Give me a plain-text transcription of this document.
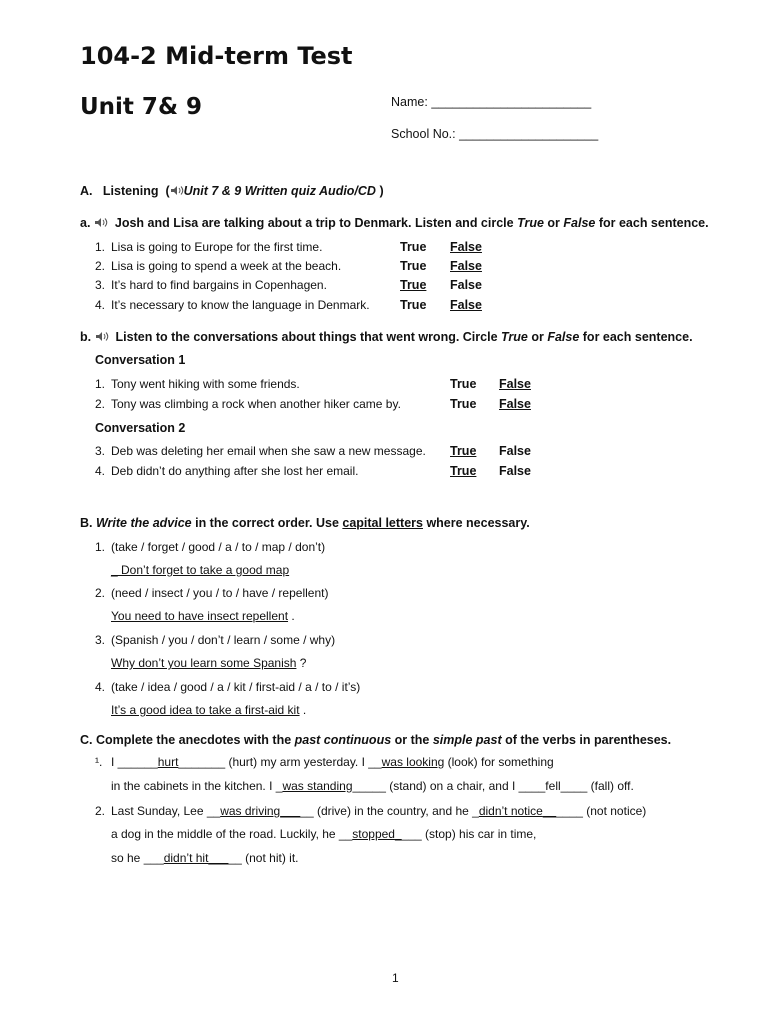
104-2 Mid-term Test
Unit 7& 9	Name: _______________________
School No.: ____________________
A. Listening ( Unit 7 & 9 Written quiz Audio/CD )
a. Josh and Lisa are talking about a trip to Denmark. Listen and circle True or False for each sentence.
1. Lisa is going to Europe for the first time.	True False
2. Lisa is going to spend a week at the beach.	True False
3. It’s hard to find bargains in Copenhagen.	True False
4. It’s necessary to know the language in Denmark. True False
b. Listen to the conversations about things that went wrong. Circle True or False for each sentence.
Conversation 1
1. Tony went hiking with some friends.	True False
2. Tony was climbing a rock when another hiker came by.	True False
Conversation 2
3. Deb was deleting her email when she saw a new message. True False
4. Deb didn’t do anything after she lost her email.	True False
B. Write the advice in the correct order. Use capital letters where necessary.
1. (take / forget / good / a / to / map / don’t)
_ Don’t forget to take a good map
2. (need / insect / you / to / have / repellent)
You need to have insect repellent .
3. (Spanish / you / don’t / learn / some / why)
Why don’t you learn some Spanish ?
4. (take / idea / good / a / kit / first-aid / a / to / it’s)
It’s a good idea to take a first-aid kit .
C. Complete the anecdotes with the past continuous or the simple past of the verbs in parentheses.
¹. I ______hurt_______ (hurt) my arm yesterday. I __was looking (look) for something
in the cabinets in the kitchen. I _was standing_____ (stand) on a chair, and I ____fell____ (fall) off.
2. Last Sunday, Lee __was driving_____ (drive) in the country, and he _didn’t notice______ (not notice)
a dog in the middle of the road. Luckily, he __stopped____ (stop) his car in time,
so he ___didn’t hit_____ (not hit) it.
1
